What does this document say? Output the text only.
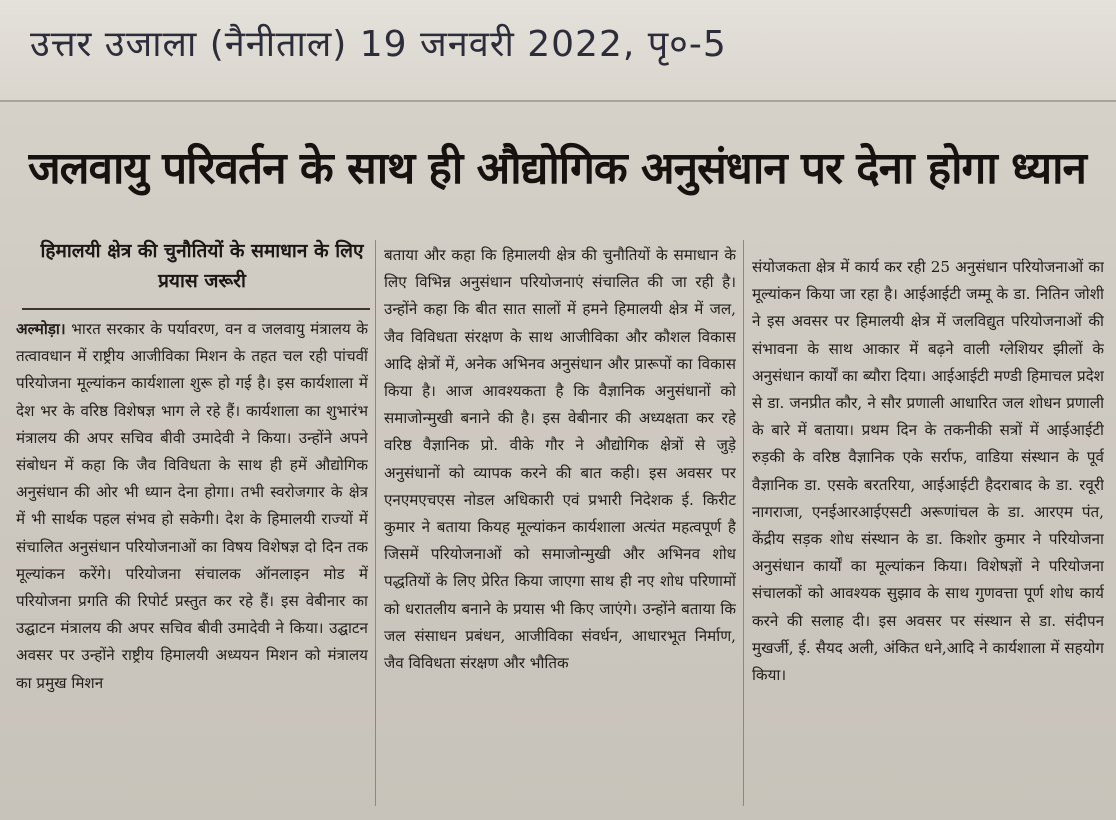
उत्तर उजाला (नैनीताल) 19 जनवरी 2022, पृ०-5
जलवायु परिवर्तन के साथ ही औद्योगिक अनुसंधान पर देना होगा ध्यान
हिमालयी क्षेत्र की चुनौतियों के समाधान के लिए प्रयास जरूरी
अल्मोड़ा। भारत सरकार के पर्यावरण, वन व जलवायु मंत्रालय के तत्वावधान में राष्ट्रीय आजीविका मिशन के तहत चल रही पांचवीं परियोजना मूल्यांकन कार्यशाला शुरू हो गई है। इस कार्यशाला में देश भर के वरिष्ठ विशेषज्ञ भाग ले रहे हैं। कार्यशाला का शुभारंभ मंत्रालय की अपर सचिव बीवी उमादेवी ने किया। उन्होंने अपने संबोधन में कहा कि जैव विविधता के साथ ही हमें औद्योगिक अनुसंधान की ओर भी ध्यान देना होगा। तभी स्वरोजगार के क्षेत्र में भी सार्थक पहल संभव हो सकेगी। देश के हिमालयी राज्यों में संचालित अनुसंधान परियोजनाओं का विषय विशेषज्ञ दो दिन तक मूल्यांकन करेंगे। परियोजना संचालक ऑनलाइन मोड में परियोजना प्रगति की रिपोर्ट प्रस्तुत कर रहे हैं। इस वेबीनार का उद्घाटन मंत्रालय की अपर सचिव बीवी उमादेवी ने किया। उद्घाटन अवसर पर उन्होंने राष्ट्रीय हिमालयी अध्ययन मिशन को मंत्रालय का प्रमुख मिशन
बताया और कहा कि हिमालयी क्षेत्र की चुनौतियों के समाधान के लिए विभिन्न अनुसंधान परियोजनाएं संचालित की जा रही है। उन्होंने कहा कि बीत सात सालों में हमने हिमालयी क्षेत्र में जल, जैव विविधता संरक्षण के साथ आजीविका और कौशल विकास आदि क्षेत्रों में, अनेक अभिनव अनुसंधान और प्रारूपों का विकास किया है। आज आवश्यकता है कि वैज्ञानिक अनुसंधानों को समाजोन्मुखी बनाने की है। इस वेबीनार की अध्यक्षता कर रहे वरिष्ठ वैज्ञानिक प्रो. वीके गौर ने औद्योगिक क्षेत्रों से जुड़े अनुसंधानों को व्यापक करने की बात कही। इस अवसर पर एनएमएचएस नोडल अधिकारी एवं प्रभारी निदेशक ई. किरीट कुमार ने बताया कियह मूल्यांकन कार्यशाला अत्यंत महत्वपूर्ण है जिसमें परियोजनाओं को समाजोन्मुखी और अभिनव शोध पद्धतियों के लिए प्रेरित किया जाएगा साथ ही नए शोध परिणामों को धरातलीय बनाने के प्रयास भी किए जाएंगे। उन्होंने बताया कि जल संसाधन प्रबंधन, आजीविका संवर्धन, आधारभूत निर्माण, जैव विविधता संरक्षण और भौतिक
संयोजकता क्षेत्र में कार्य कर रही 25 अनुसंधान परियोजनाओं का मूल्यांकन किया जा रहा है। आईआईटी जम्मू के डा. नितिन जोशी ने इस अवसर पर हिमालयी क्षेत्र में जलविद्युत परियोजनाओं की संभावना के साथ आकार में बढ़ने वाली ग्लेशियर झीलों के अनुसंधान कार्यों का ब्यौरा दिया। आईआईटी मण्डी हिमाचल प्रदेश से डा. जनप्रीत कौर, ने सौर प्रणाली आधारित जल शोधन प्रणाली के बारे में बताया। प्रथम दिन के तकनीकी सत्रों में आईआईटी रुड़की के वरिष्ठ वैज्ञानिक एके सर्राफ, वाडिया संस्थान के पूर्व वैज्ञानिक डा. एसके बरतरिया, आईआईटी हैदराबाद के डा. रवूरी नागराजा, एनईआरआईएसटी अरूणांचल के डा. आरएम पंत, केंद्रीय सड़क शोध संस्थान के डा. किशोर कुमार ने परियोजना अनुसंधान कार्यों का मूल्यांकन किया। विशेषज्ञों ने परियोजना संचालकों को आवश्यक सुझाव के साथ गुणवत्ता पूर्ण शोध कार्य करने की सलाह दी। इस अवसर पर संस्थान से डा. संदीपन मुखर्जी, ई. सैयद अली, अंकित धने,आदि ने कार्यशाला में सहयोग किया।
